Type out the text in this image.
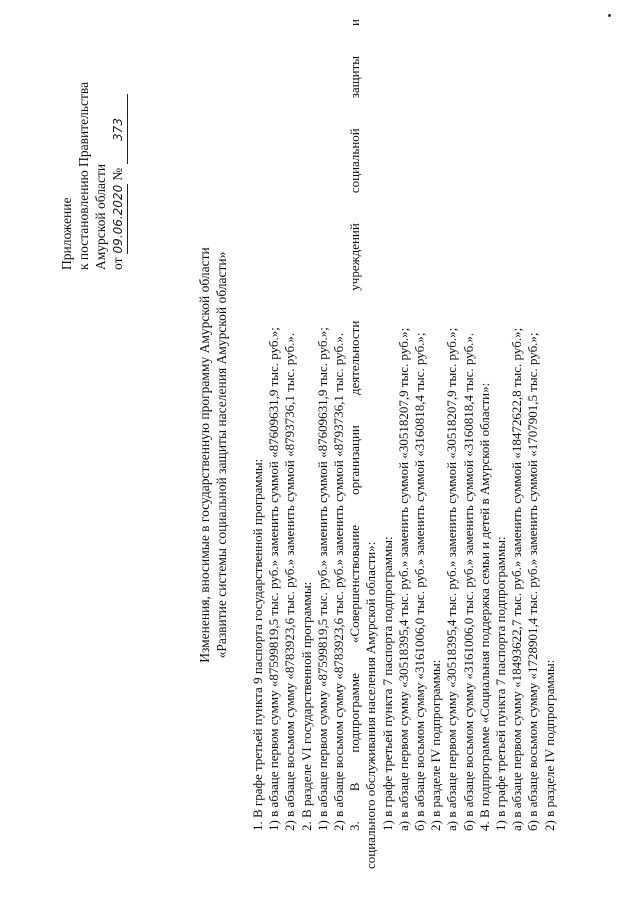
Приложение к постановлению Правительства Амурской области от 09.06.2020 № 373
Изменения, вносимые в государственную программу Амурской области «Развитие системы социальной защиты населения Амурской области» 1. В графе третьей пункта 9 паспорта государственной программы: 1) в абзаце первом сумму «87599819,5 тыс. руб.» заменить суммой «87609631,9 тыс. руб.»; 2) в абзаце восьмом сумму «8783923,6 тыс. руб.» заменить суммой «8793736,1 тыс. руб.». 2. В разделе VI государственной программы: 1) в абзаце первом сумму «87599819,5 тыс. руб.» заменить суммой «87609631,9 тыс. руб.»; 2) в абзаце восьмом сумму «8783923,6 тыс. руб.» заменить суммой «8793736,1 тыс. руб.». 3. В подпрограмме «Совершенствование организации деятельности учреждений социальной защиты и социального обслуживания населения Амурской области»: 1) в графе третьей пункта 7 паспорта подпрограммы: а) в абзаце первом сумму «30518395,4 тыс. руб.» заменить суммой «30518207,9 тыс. руб.»; б) в абзаце восьмом сумму «3161006,0 тыс. руб.» заменить суммой «3160818,4 тыс. руб.»; 2) в разделе IV подпрограммы: а) в абзаце первом сумму «30518395,4 тыс. руб.» заменить суммой «30518207,9 тыс. руб.»; б) в абзаце восьмом сумму «3161006,0 тыс. руб.» заменить суммой «3160818,4 тыс. руб.». 4. В подпрограмме «Социальная поддержка семьи и детей в Амурской области»: 1) в графе третьей пункта 7 паспорта подпрограммы: а) в абзаце первом сумму «18493622,7 тыс. руб.» заменить суммой «18472622,8 тыс. руб.»; б) в абзаце восьмом сумму «1728901,4 тыс. руб.» заменить суммой «1707901,5 тыс. руб.»; 2) в разделе IV подпрограммы:
